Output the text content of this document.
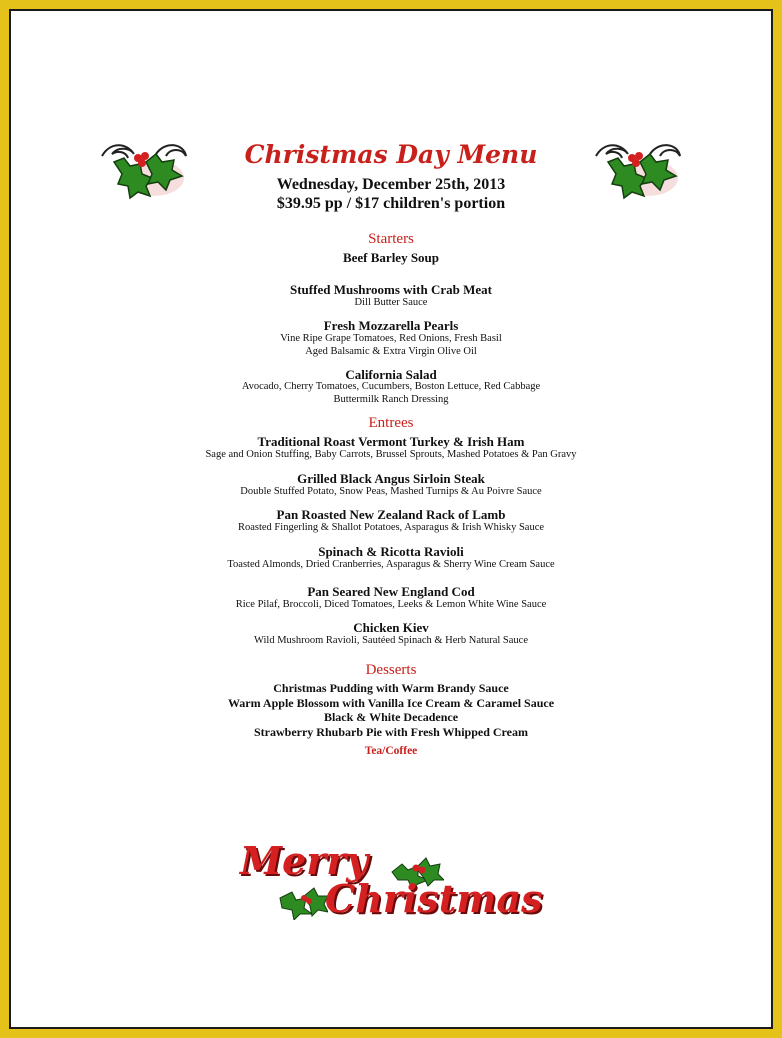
Christmas Day Menu
Wednesday, December 25th, 2013
$39.95 pp / $17 children's portion
Starters
Beef Barley Soup
Stuffed Mushrooms with Crab Meat
Dill Butter Sauce
Fresh Mozzarella Pearls
Vine Ripe Grape Tomatoes, Red Onions, Fresh Basil
Aged Balsamic & Extra Virgin Olive Oil
California Salad
Avocado, Cherry Tomatoes, Cucumbers, Boston Lettuce, Red Cabbage
Buttermilk Ranch Dressing
Entrees
Traditional Roast Vermont Turkey & Irish Ham
Sage and Onion Stuffing, Baby Carrots, Brussel Sprouts, Mashed Potatoes & Pan Gravy
Grilled Black Angus Sirloin Steak
Double Stuffed Potato, Snow Peas, Mashed Turnips & Au Poivre Sauce
Pan Roasted New Zealand Rack of Lamb
Roasted Fingerling & Shallot Potatoes, Asparagus & Irish Whisky Sauce
Spinach & Ricotta Ravioli
Toasted Almonds, Dried Cranberries, Asparagus & Sherry Wine Cream Sauce
Pan Seared New England Cod
Rice Pilaf, Broccoli, Diced Tomatoes, Leeks & Lemon White Wine Sauce
Chicken Kiev
Wild Mushroom Ravioli, Sautéed Spinach & Herb Natural Sauce
Desserts
Christmas Pudding with Warm Brandy Sauce
Warm Apple Blossom with Vanilla Ice Cream & Caramel Sauce
Black & White Decadence
Strawberry Rhubarb Pie with Fresh Whipped Cream
Tea/Coffee
Merry
Christmas
